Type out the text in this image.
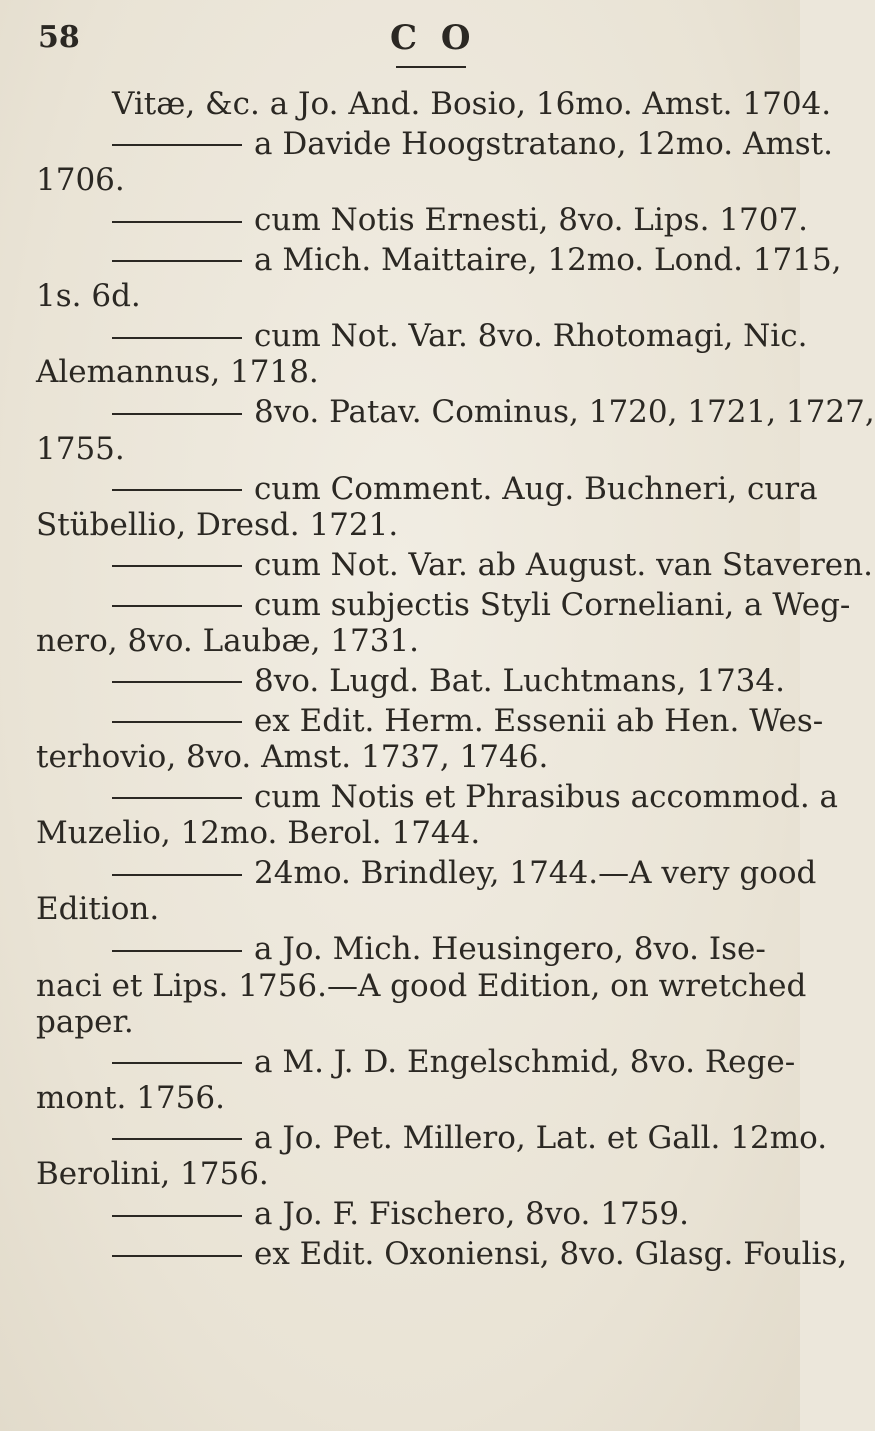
58	C O
Vitæ, &c. a Jo. And. Bosio, 16mo. Amst. 1704.
a Davide Hoogstratano, 12mo. Amst.
1706.
cum Notis Ernesti, 8vo. Lips. 1707.
a Mich. Maittaire, 12mo. Lond. 1715,
1s. 6d.
cum Not. Var. 8vo. Rhotomagi, Nic.
Alemannus, 1718.
8vo. Patav. Cominus, 1720, 1721, 1727,
1755.
cum Comment. Aug. Buchneri, cura
Stübellio, Dresd. 1721.
cum Not. Var. ab August. van Staveren.
cum subjectis Styli Corneliani, a Weg-
nero, 8vo. Laubæ, 1731.
8vo. Lugd. Bat. Luchtmans, 1734.
ex Edit. Herm. Essenii ab Hen. Wes-
terhovio, 8vo. Amst. 1737, 1746.
cum Notis et Phrasibus accommod. a
Muzelio, 12mo. Berol. 1744.
24mo. Brindley, 1744.—A very good
Edition.
a Jo. Mich. Heusingero, 8vo. Ise-
naci et Lips. 1756.—A good Edition, on wretched
paper.
a M. J. D. Engelschmid, 8vo. Rege-
mont. 1756.
a Jo. Pet. Millero, Lat. et Gall. 12mo.
Berolini, 1756.
a Jo. F. Fischero, 8vo. 1759.
ex Edit. Oxoniensi, 8vo. Glasg. Foulis,
